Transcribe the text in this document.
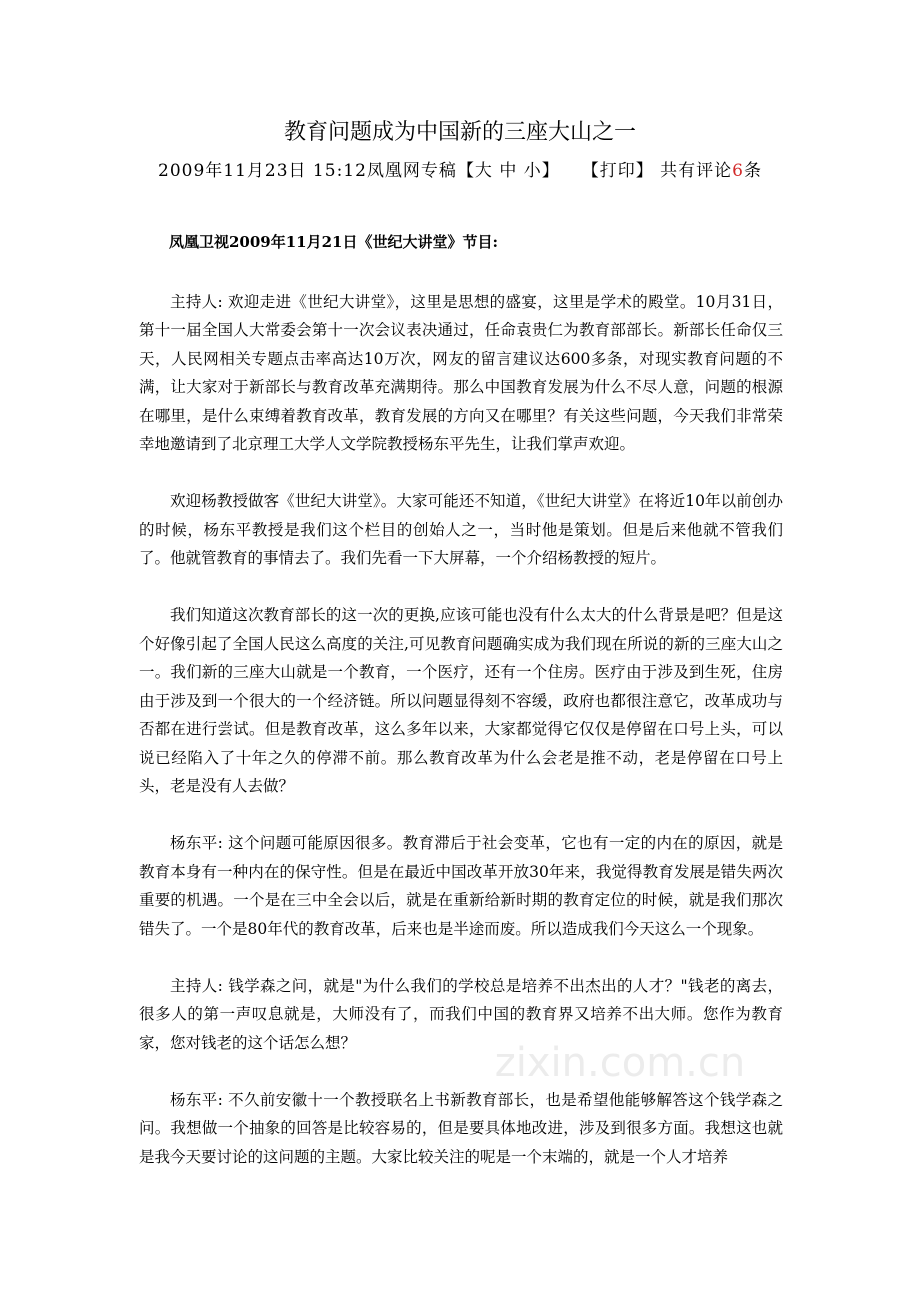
教育问题成为中国新的三座大山之一
2009年11月23日 15:12凤凰网专稿【大 中 小】 【打印】 共有评论6条

凤凰卫视2009年11月21日《世纪大讲堂》节目:

主持人: 欢迎走进《世纪大讲堂》，这里是思想的盛宴，这里是学术的殿堂。10月31日，第十一届全国人大常委会第十一次会议表决通过，任命袁贵仁为教育部部长。新部长任命仅三天，人民网相关专题点击率高达10万次，网友的留言建议达600多条，对现实教育问题的不满，让大家对于新部长与教育改革充满期待。那么中国教育发展为什么不尽人意，问题的根源在哪里，是什么束缚着教育改革，教育发展的方向又在哪里？有关这些问题，今天我们非常荣幸地邀请到了北京理工大学人文学院教授杨东平先生，让我们掌声欢迎。

欢迎杨教授做客《世纪大讲堂》。大家可能还不知道，《世纪大讲堂》在将近10年以前创办的时候，杨东平教授是我们这个栏目的创始人之一，当时他是策划。但是后来他就不管我们了。他就管教育的事情去了。我们先看一下大屏幕，一个介绍杨教授的短片。

我们知道这次教育部长的这一次的更换,应该可能也没有什么太大的什么背景是吧？但是这个好像引起了全国人民这么高度的关注,可见教育问题确实成为我们现在所说的新的三座大山之一。我们新的三座大山就是一个教育，一个医疗，还有一个住房。医疗由于涉及到生死，住房由于涉及到一个很大的一个经济链。所以问题显得刻不容缓，政府也都很注意它，改革成功与否都在进行尝试。但是教育改革，这么多年以来，大家都觉得它仅仅是停留在口号上头，可以说已经陷入了十年之久的停滞不前。那么教育改革为什么会老是推不动，老是停留在口号上头，老是没有人去做？

杨东平: 这个问题可能原因很多。教育滞后于社会变革，它也有一定的内在的原因，就是教育本身有一种内在的保守性。但是在最近中国改革开放30年来，我觉得教育发展是错失两次重要的机遇。一个是在三中全会以后，就是在重新给新时期的教育定位的时候，就是我们那次错失了。一个是80年代的教育改革，后来也是半途而废。所以造成我们今天这么一个现象。

主持人: 钱学森之问，就是"为什么我们的学校总是培养不出杰出的人才？"钱老的离去，很多人的第一声叹息就是，大师没有了，而我们中国的教育界又培养不出大师。您作为教育家，您对钱老的这个话怎么想？

杨东平: 不久前安徽十一个教授联名上书新教育部长，也是希望他能够解答这个钱学森之问。我想做一个抽象的回答是比较容易的，但是要具体地改进，涉及到很多方面。我想这也就是我今天要讨论的这问题的主题。大家比较关注的呢是一个末端的，就是一个人才培养

zixin.com.cn
